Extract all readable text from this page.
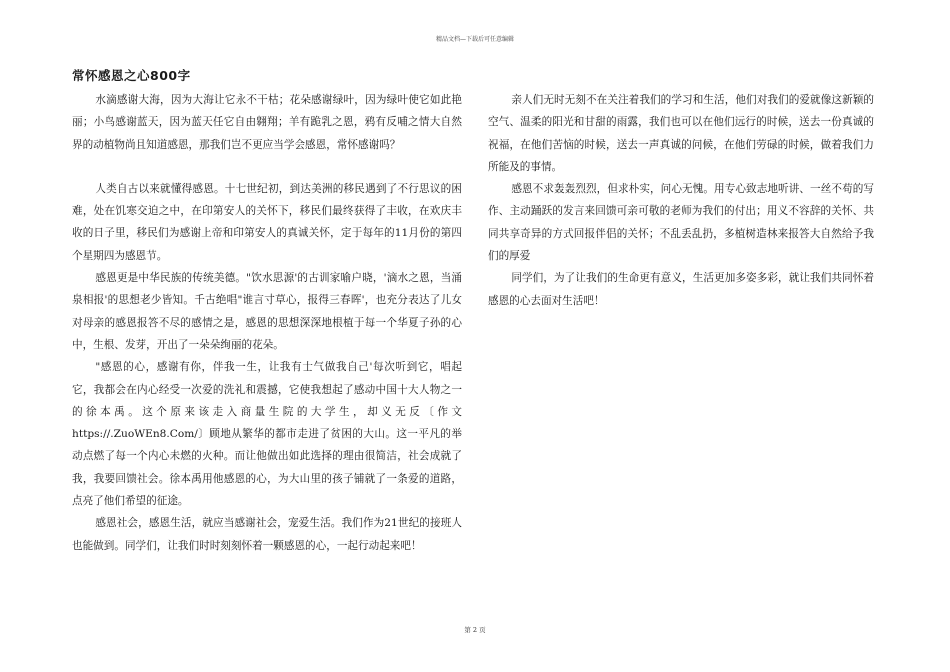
精品文档—下载后可任意编辑
常怀感恩之心800字

水滴感谢大海，因为大海让它永不干枯；花朵感谢绿叶，因为绿叶使它如此艳丽；小鸟感谢蓝天，因为蓝天任它自由翱翔；羊有跪乳之恩，鸦有反哺之情大自然界的动植物尚且知道感恩，那我们岂不更应当学会感恩，常怀感谢吗？

人类自古以来就懂得感恩。十七世纪初，到达美洲的移民遇到了不行思议的困难，处在饥寒交迫之中，在印第安人的关怀下，移民们最终获得了丰收，在欢庆丰收的日子里，移民们为感谢上帝和印第安人的真诚关怀，定于每年的11月份的第四个星期四为感恩节。

感恩更是中华民族的传统美德。"饮水思源'的古训家喻户晓，'滴水之恩，当涌泉相报'的思想老少皆知。千古绝唱"谁言寸草心，报得三春晖'，也充分表达了儿女对母亲的感恩报答不尽的感情之是，感恩的思想深深地根植于每一个华夏子孙的心中，生根、发芽，开出了一朵朵绚丽的花朵。

"感恩的心，感谢有你，伴我一生，让我有士气做我自己'每次听到它，唱起它，我都会在内心经受一次爱的洗礼和震撼，它使我想起了感动中国十大人物之一的徐本禹。这个原来该走入商量生院的大学生，却义无反〔作文https://.ZuoWEn8.Com/〕顾地从繁华的都市走进了贫困的大山。这一平凡的举动点燃了每一个内心未燃的火种。而让他做出如此选择的理由很简洁，社会成就了我，我要回馈社会。徐本禹用他感恩的心，为大山里的孩子铺就了一条爱的道路，点亮了他们希望的征途。

感恩社会，感恩生活，就应当感谢社会，宠爱生活。我们作为21世纪的接班人也能做到。同学们，让我们时时刻刻怀着一颗感恩的心，一起行动起来吧！

亲人们无时无刻不在关注着我们的学习和生活，他们对我们的爱就像这新颖的空气、温柔的阳光和甘甜的雨露，我们也可以在他们远行的时候，送去一份真诚的祝福，在他们苦恼的时候，送去一声真诚的问候，在他们劳碌的时候，做着我们力所能及的事情。

感恩不求轰轰烈烈，但求朴实，问心无愧。用专心致志地听讲、一丝不苟的写作、主动踊跃的发言来回馈可亲可敬的老师为我们的付出；用义不容辞的关怀、共同共享奇异的方式回报伴侣的关怀；不乱丢乱扔，多植树造林来报答大自然给予我们的厚爱

同学们，为了让我们的生命更有意义，生活更加多姿多彩，就让我们共同怀着感恩的心去面对生活吧！

第 2 页
